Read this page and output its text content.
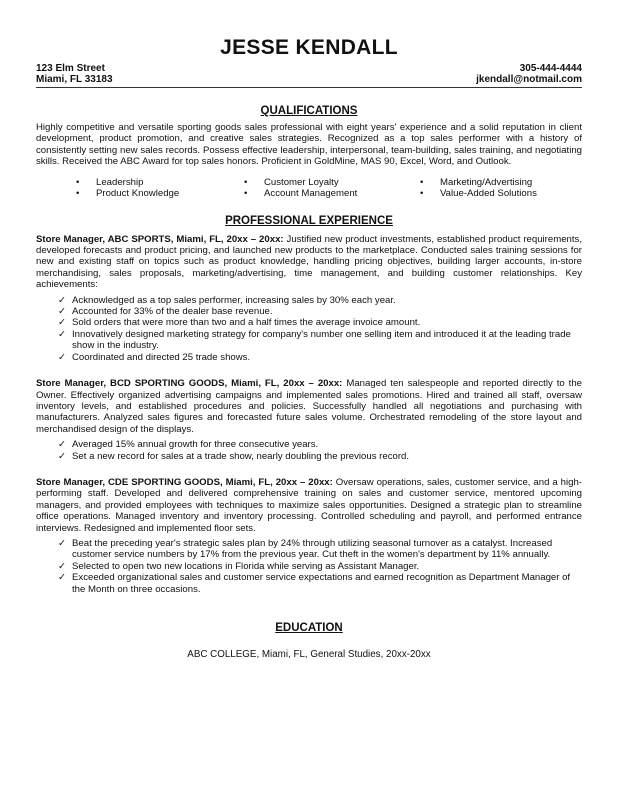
JESSE KENDALL
123 Elm Street
Miami, FL 33183
305-444-4444
jkendall@notmail.com
QUALIFICATIONS

Highly competitive and versatile sporting goods sales professional with eight years' experience and a solid reputation in client development, product promotion, and creative sales strategies. Recognized as a top sales performer with a history of consistently setting new sales records. Possess effective leadership, interpersonal, team-building, sales training, and negotiating skills. Received the ABC Award for top sales honors. Proficient in GoldMine, MAS 90, Excel, Word, and Outlook.

•	Leadership	•	Customer Loyalty	•	Marketing/Advertising
•	Product Knowledge	•	Account Management	•	Value-Added Solutions
PROFESSIONAL EXPERIENCE

Store Manager, ABC SPORTS, Miami, FL, 20xx – 20xx: Justified new product investments, established product requirements, developed forecasts and product pricing, and launched new products to the marketplace. Conducted sales training sessions for new and existing staff on topics such as product knowledge, handling pricing objectives, building larger accounts, in-store merchandising, sales proposals, marketing/advertising, time management, and building customer relationships. Key achievements:

✓ Acknowledged as a top sales performer, increasing sales by 30% each year.
✓ Accounted for 33% of the dealer base revenue.
✓ Sold orders that were more than two and a half times the average invoice amount.
✓ Innovatively designed marketing strategy for company's number one selling item and introduced it at the leading trade show in the industry.
✓ Coordinated and directed 25 trade shows.

Store Manager, BCD SPORTING GOODS, Miami, FL, 20xx – 20xx: Managed ten salespeople and reported directly to the Owner. Effectively organized advertising campaigns and implemented sales promotions. Hired and trained all staff, oversaw inventory levels, and established procedures and policies. Successfully handled all negotiations and purchasing with manufacturers. Analyzed sales figures and forecasted future sales volume. Orchestrated remodeling of the store layout and merchandised design of the displays.

✓ Averaged 15% annual growth for three consecutive years.
✓ Set a new record for sales at a trade show, nearly doubling the previous record.

Store Manager, CDE SPORTING GOODS, Miami, FL, 20xx – 20xx: Oversaw operations, sales, customer service, and a high-performing staff. Developed and delivered comprehensive training on sales and customer service, mentored upcoming managers, and provided employees with techniques to maximize sales opportunities. Designed a strategic plan to streamline office operations. Managed inventory and inventory processing. Controlled scheduling and payroll, and performed entrance interviews. Redesigned and implemented floor sets.

✓ Beat the preceding year's strategic sales plan by 24% through utilizing seasonal turnover as a catalyst. Increased customer service numbers by 17% from the previous year. Cut theft in the women's department by 11% annually.
✓ Selected to open two new locations in Florida while serving as Assistant Manager.
✓ Exceeded organizational sales and customer service expectations and earned recognition as Department Manager of the Month on three occasions.
EDUCATION
ABC COLLEGE, Miami, FL, General Studies, 20xx-20xx
